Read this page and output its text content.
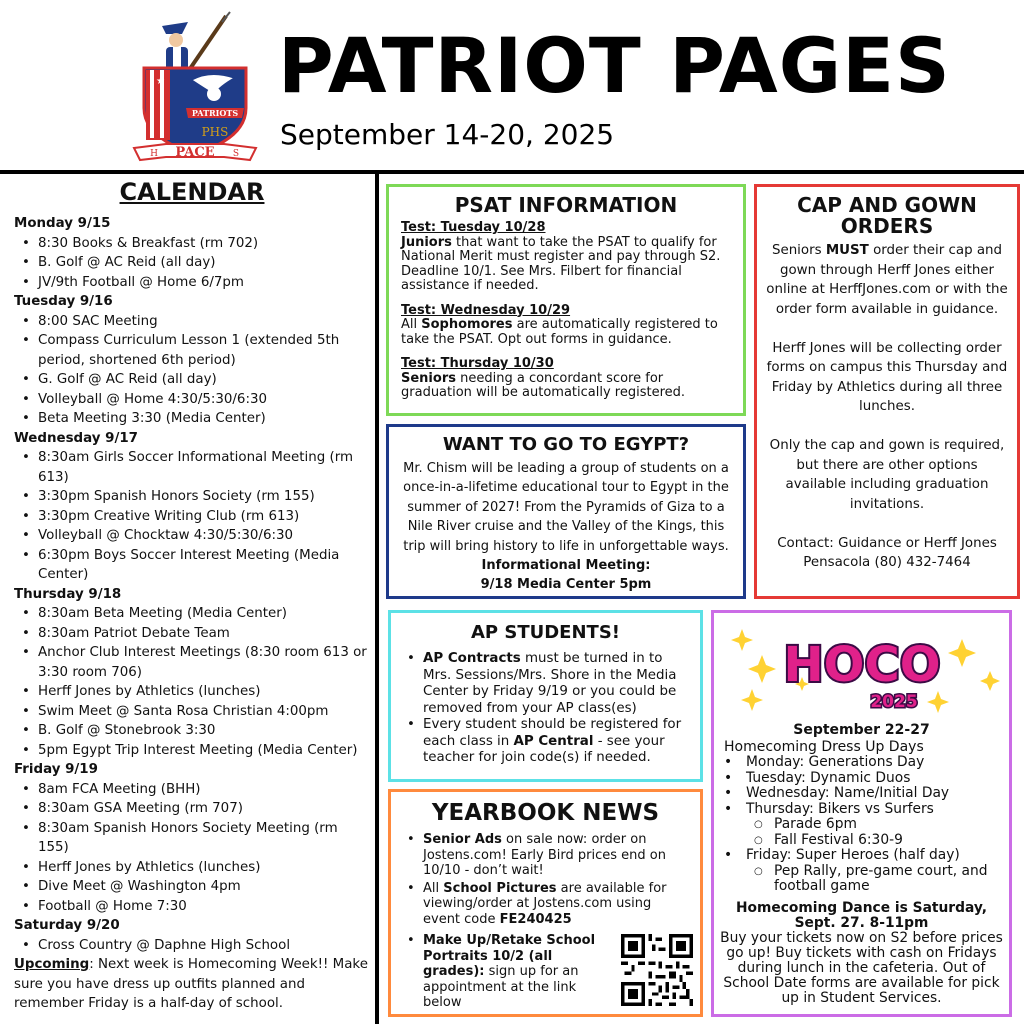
★
PATRIOTS
PHS
H PACE S
PATRIOT PAGES
September 14-20, 2025
CALENDAR
Monday 9/15
• 8:30 Books & Breakfast (rm 702)
• B. Golf @ AC Reid (all day)
• JV/9th Football @ Home 6/7pm
Tuesday 9/16
• 8:00 SAC Meeting
• Compass Curriculum Lesson 1 (extended 5th period, shortened 6th period)
• G. Golf @ AC Reid (all day)
• Volleyball @ Home 4:30/5:30/6:30
• Beta Meeting 3:30 (Media Center)
Wednesday 9/17
• 8:30am Girls Soccer Informational Meeting (rm 613)
• 3:30pm Spanish Honors Society (rm 155)
• 3:30pm Creative Writing Club (rm 613)
• Volleyball @ Chocktaw 4:30/5:30/6:30
• 6:30pm Boys Soccer Interest Meeting (Media Center)
Thursday 9/18
• 8:30am Beta Meeting (Media Center)
• 8:30am Patriot Debate Team
• Anchor Club Interest Meetings (8:30 room 613 or 3:30 room 706)
• Herff Jones by Athletics (lunches)
• Swim Meet @ Santa Rosa Christian 4:00pm
• B. Golf @ Stonebrook 3:30
• 5pm Egypt Trip Interest Meeting (Media Center)
Friday 9/19
• 8am FCA Meeting (BHH)
• 8:30am GSA Meeting (rm 707)
• 8:30am Spanish Honors Society Meeting (rm 155)
• Herff Jones by Athletics (lunches)
• Dive Meet @ Washington 4pm
• Football @ Home 7:30
Saturday 9/20
• Cross Country @ Daphne High School

Upcoming: Next week is Homecoming Week!! Make sure you have dress up outfits planned and remember Friday is a half-day of school.

PSAT INFORMATION
Test: Tuesday 10/28

Juniors that want to take the PSAT to qualify for National Merit must register and pay through S2. Deadline 10/1. See Mrs. Filbert for financial assistance if needed.

Test: Wednesday 10/29

All Sophomores are automatically registered to take the PSAT. Opt out forms in guidance.

Test: Thursday 10/30

Seniors needing a concordant score for graduation will be automatically registered.

WANT TO GO TO EGYPT?

Mr. Chism will be leading a group of students on a once-in-a-lifetime educational tour to Egypt in the summer of 2027! From the Pyramids of Giza to a Nile River cruise and the Valley of the Kings, this trip will bring history to life in unforgettable ways. Informational Meeting:
9/18 Media Center 5pm

CAP AND GOWN ORDERS

Seniors MUST order their cap and gown through Herff Jones either online at HerffJones.com or with the order form available in guidance.

Herff Jones will be collecting order forms on campus this Thursday and Friday by Athletics during all three lunches.

Only the cap and gown is required, but there are other options available including graduation invitations.

Contact: Guidance or Herff Jones Pensacola (80) 432-7464

AP STUDENTS!
• AP Contracts must be turned in to Mrs. Sessions/Mrs. Shore in the Media Center by Friday 9/19 or you could be removed from your AP class(es)
• Every student should be registered for each class in AP Central - see your teacher for join code(s) if needed.
YEARBOOK NEWS
• Senior Ads on sale now: order on Jostens.com! Early Bird prices end on 10/10 - don’t wait!
• All School Pictures are available for viewing/order at Jostens.com using event code FE240425
• Make Up/Retake School Portraits 10/2 (all grades): sign up for an appointment at the link below
HOCO
2025
September 22-27
Homecoming Dress Up Days
• Monday: Generations Day
• Tuesday: Dynamic Duos
• Wednesday: Name/Initial Day
• Thursday: Bikers vs Surfers
○ Parade 6pm
○ Fall Festival 6:30-9
• Friday: Super Heroes (half day)
○ Pep Rally, pre-game court, and football game
Homecoming Dance is Saturday, Sept. 27. 8-11pm
Buy your tickets now on S2 before prices go up! Buy tickets with cash on Fridays during lunch in the cafeteria. Out of School Date forms are available for pick up in Student Services.
